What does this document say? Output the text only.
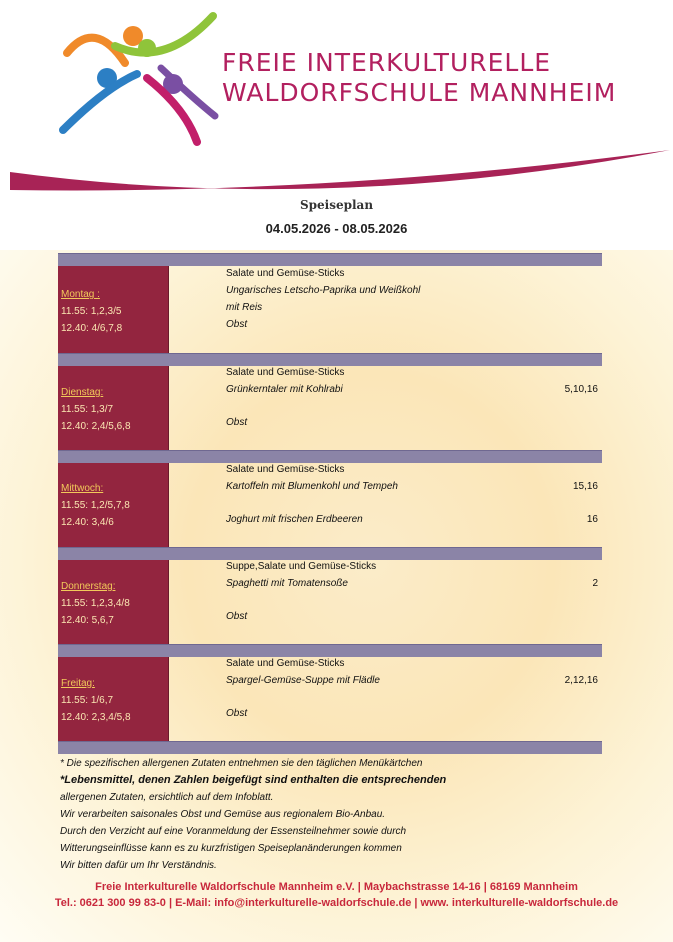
FREIE INTERKULTURELLE
WALDORFSCHULE MANNHEIM
Speiseplan
04.05.2026 - 08.05.2026
Montag :
11.55: 1,2,3/5
12.40: 4/6,7,8
Salate und Gemüse-Sticks
Ungarisches Letscho-Paprika und Weißkohl
mit Reis
Obst
Dienstag:
11.55: 1,3/7
12.40: 2,4/5,6,8
Salate und Gemüse-Sticks
Grünkerntaler mit Kohlrabi	5,10,16
Obst
Mittwoch:
11.55: 1,2/5,7,8
12.40: 3,4/6
Salate und Gemüse-Sticks
Kartoffeln mit Blumenkohl und Tempeh	15,16
Joghurt mit frischen Erdbeeren	16
Donnerstag:
11.55: 1,2,3,4/8
12.40: 5,6,7
Suppe,Salate und Gemüse-Sticks
Spaghetti mit Tomatensoße	2
Obst
Freitag:
11.55: 1/6,7
12.40: 2,3,4/5,8
Salate und Gemüse-Sticks
Spargel-Gemüse-Suppe mit Flädle	2,12,16
Obst
* Die spezifischen allergenen Zutaten entnehmen sie den täglichen Menükärtchen
*Lebensmittel, denen Zahlen beigefügt sind enthalten die entsprechenden
allergenen Zutaten, ersichtlich auf dem Infoblatt.
Wir verarbeiten saisonales Obst und Gemüse aus regionalem Bio-Anbau.
Durch den Verzicht auf eine Voranmeldung der Essensteilnehmer sowie durch
Witterungseinflüsse kann es zu kurzfristigen Speiseplanänderungen kommen
Wir bitten dafür um Ihr Verständnis.
Freie Interkulturelle Waldorfschule Mannheim e.V. | Maybachstrasse 14-16 | 68169 Mannheim
Tel.: 0621 300 99 83-0 | E-Mail: info@interkulturelle-waldorfschule.de | www. interkulturelle-waldorfschule.de
